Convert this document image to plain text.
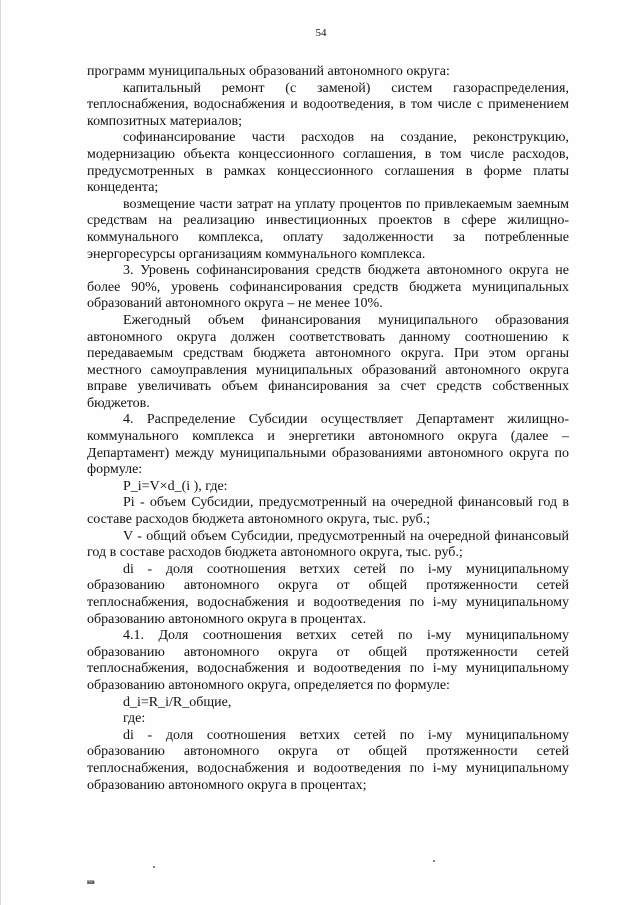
54

программ муниципальных образований автономного округа:

капитальный ремонт (с заменой) систем газораспределения, теплоснабжения, водоснабжения и водоотведения, в том числе с применением композитных материалов;

софинансирование части расходов на создание, реконструкцию, модернизацию объекта концессионного соглашения, в том числе расходов, предусмотренных в рамках концессионного соглашения в форме платы концедента;

возмещение части затрат на уплату процентов по привлекаемым заемным средствам на реализацию инвестиционных проектов в сфере жилищно-коммунального комплекса, оплату задолженности за потребленные энергоресурсы организациям коммунального комплекса.

3. Уровень софинансирования средств бюджета автономного округа не более 90%, уровень софинансирования средств бюджета муниципальных образований автономного округа – не менее 10%.

Ежегодный объем финансирования муниципального образования автономного округа должен соответствовать данному соотношению к передаваемым средствам бюджета автономного округа. При этом органы местного самоуправления муниципальных образований автономного округа вправе увеличивать объем финансирования за счет средств собственных бюджетов.

4. Распределение Субсидии осуществляет Департамент жилищно-коммунального комплекса и энергетики автономного округа (далее – Департамент) между муниципальными образованиями автономного округа по формуле:

P_i=V×d_(i ), где:

Pi - объем Субсидии, предусмотренный на очередной финансовый год в составе расходов бюджета автономного округа, тыс. руб.;

V - общий объем Субсидии, предусмотренный на очередной финансовый год в составе расходов бюджета автономного округа, тыс. руб.;

di - доля соотношения ветхих сетей по i-му муниципальному образованию автономного округа от общей протяженности сетей теплоснабжения, водоснабжения и водоотведения по i-му муниципальному образованию автономного округа в процентах.

4.1. Доля соотношения ветхих сетей по i-му муниципальному образованию автономного округа от общей протяженности сетей теплоснабжения, водоснабжения и водоотведения по i-му муниципальному образованию автономного округа, определяется по формуле:

d_i=R_i/R_общие,

где:

di - доля соотношения ветхих сетей по i-му муниципальному образованию автономного округа от общей протяженности сетей теплоснабжения, водоснабжения и водоотведения по i-му муниципальному образованию автономного округа в процентах;

нв
